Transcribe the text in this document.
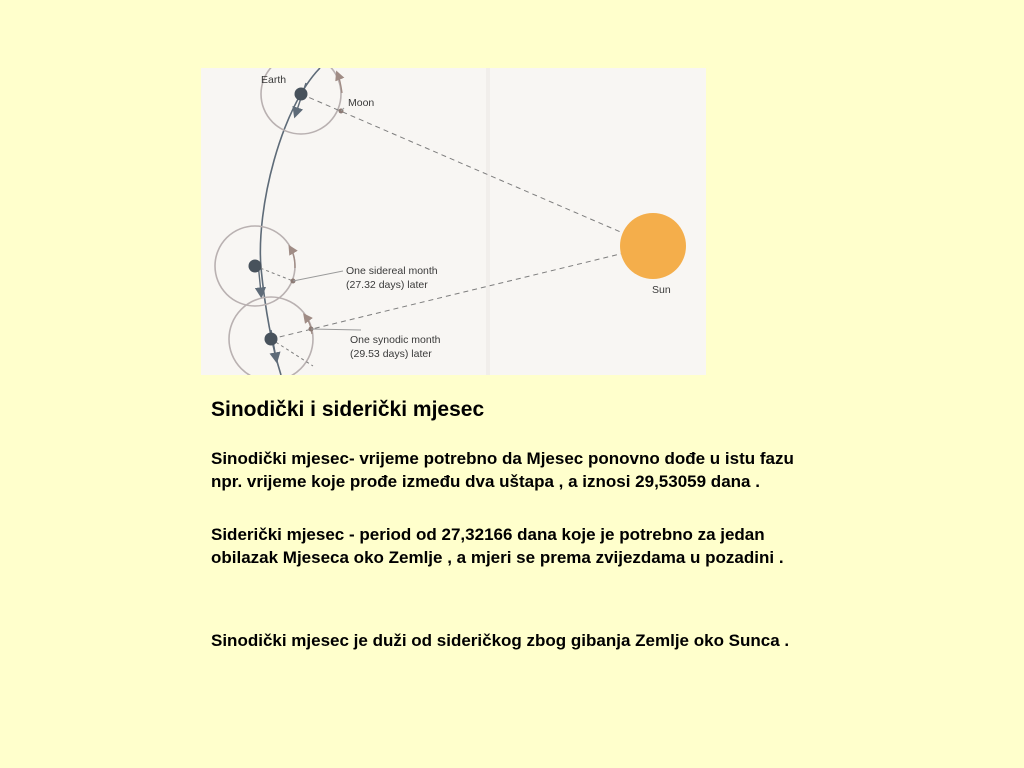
Earth
Moon
One sidereal month
(27.32 days) later
One synodic month
(29.53 days) later
Sun
Sinodički i siderički mjesec

Sinodički mjesec- vrijeme potrebno da Mjesec ponovno dođe u istu fazu npr. vrijeme koje prođe između dva uštapa , a iznosi 29,53059 dana .

Siderički mjesec - period od 27,32166 dana koje je potrebno za jedan obilazak Mjeseca oko Zemlje , a mjeri se prema zvijezdama u pozadini .

Sinodički mjesec je duži od sideričkog zbog gibanja Zemlje oko Sunca .
